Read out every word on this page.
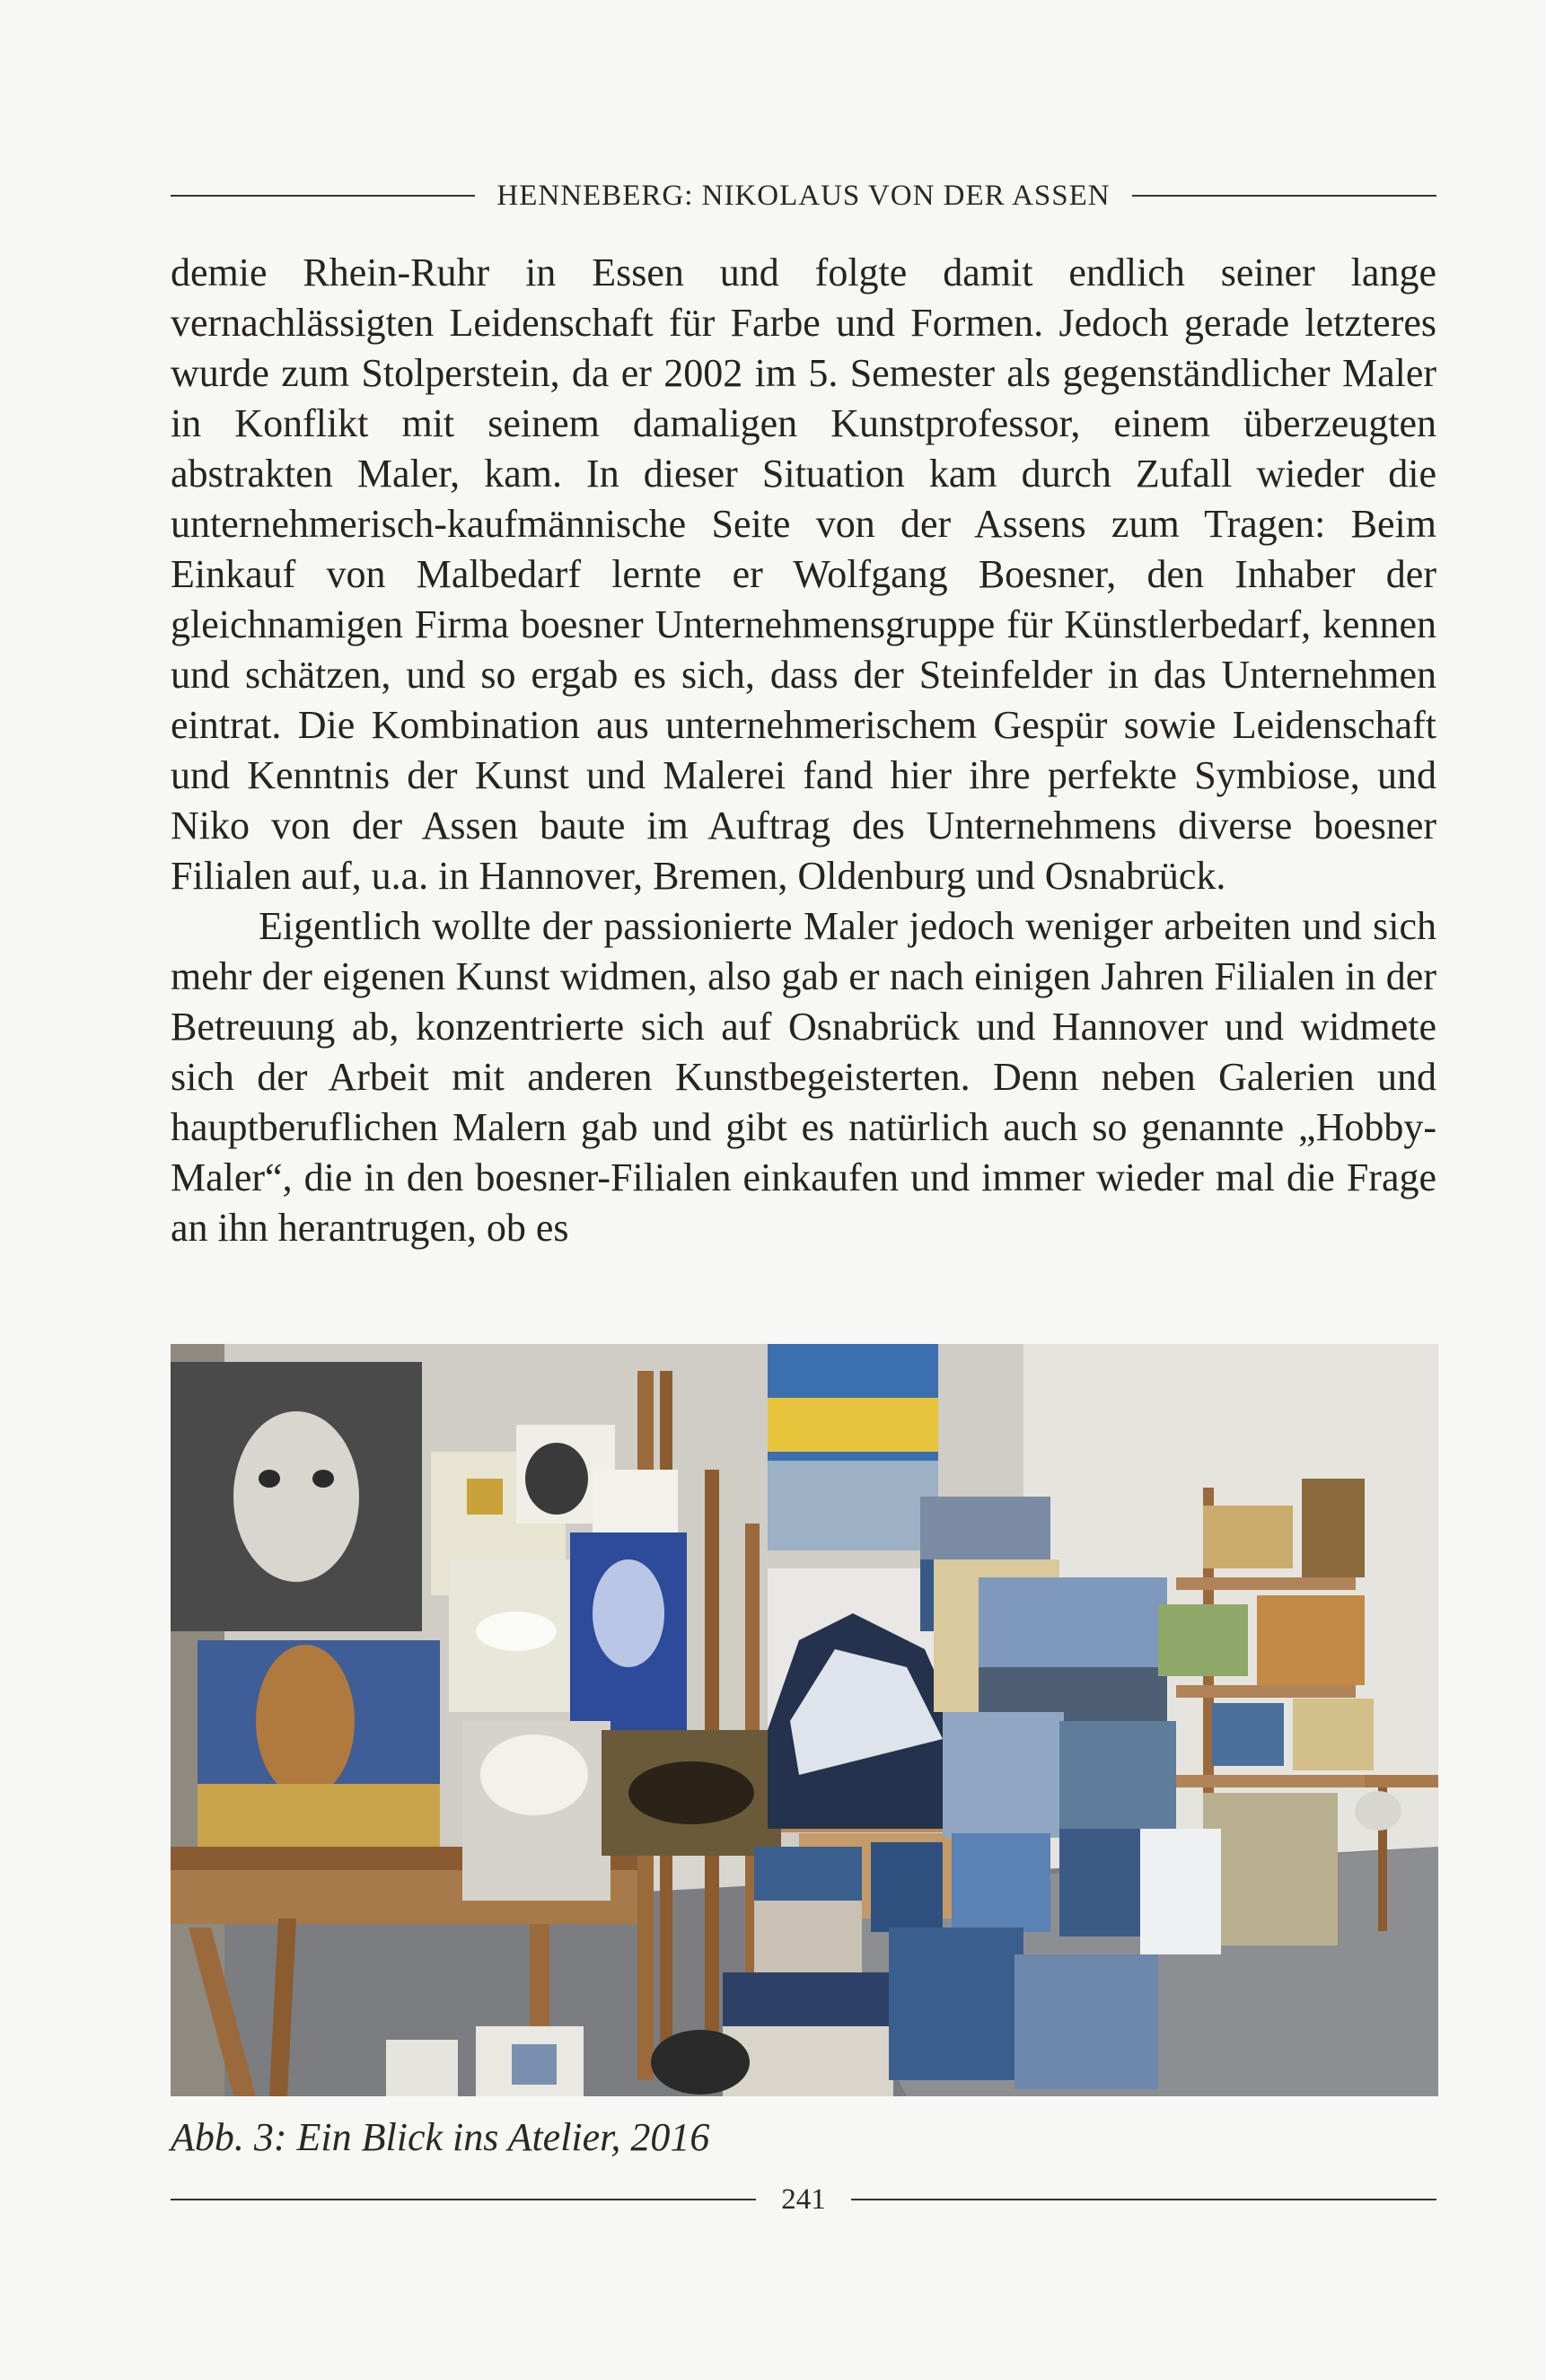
HENNEBERG: NIKOLAUS VON DER ASSEN

demie Rhein-Ruhr in Essen und folgte damit endlich seiner lange vernachlässigten Leidenschaft für Farbe und Formen. Jedoch gerade letzteres wurde zum Stolperstein, da er 2002 im 5. Semester als gegenständlicher Maler in Konflikt mit seinem damaligen Kunstprofessor, einem überzeugten abstrakten Maler, kam. In dieser Situation kam durch Zufall wieder die unternehmerisch-kaufmännische Seite von der Assens zum Tragen: Beim Einkauf von Malbedarf lernte er Wolfgang Boesner, den Inhaber der gleichnamigen Firma boesner Unternehmensgruppe für Künstlerbedarf, kennen und schätzen, und so ergab es sich, dass der Steinfelder in das Unternehmen eintrat. Die Kombination aus unternehmerischem Gespür sowie Leidenschaft und Kenntnis der Kunst und Malerei fand hier ihre perfekte Symbiose, und Niko von der Assen baute im Auftrag des Unternehmens diverse boesner Filialen auf, u.a. in Hannover, Bremen, Oldenburg und Osnabrück.

Eigentlich wollte der passionierte Maler jedoch weniger arbeiten und sich mehr der eigenen Kunst widmen, also gab er nach einigen Jahren Filialen in der Betreuung ab, konzentrierte sich auf Osnabrück und Hannover und widmete sich der Arbeit mit anderen Kunstbegeisterten. Denn neben Galerien und hauptberuflichen Malern gab und gibt es natürlich auch so genannte „Hobby-Maler“, die in den boesner-Filialen einkaufen und immer wieder mal die Frage an ihn herantrugen, ob es

Abb. 3: Ein Blick ins Atelier, 2016
241
